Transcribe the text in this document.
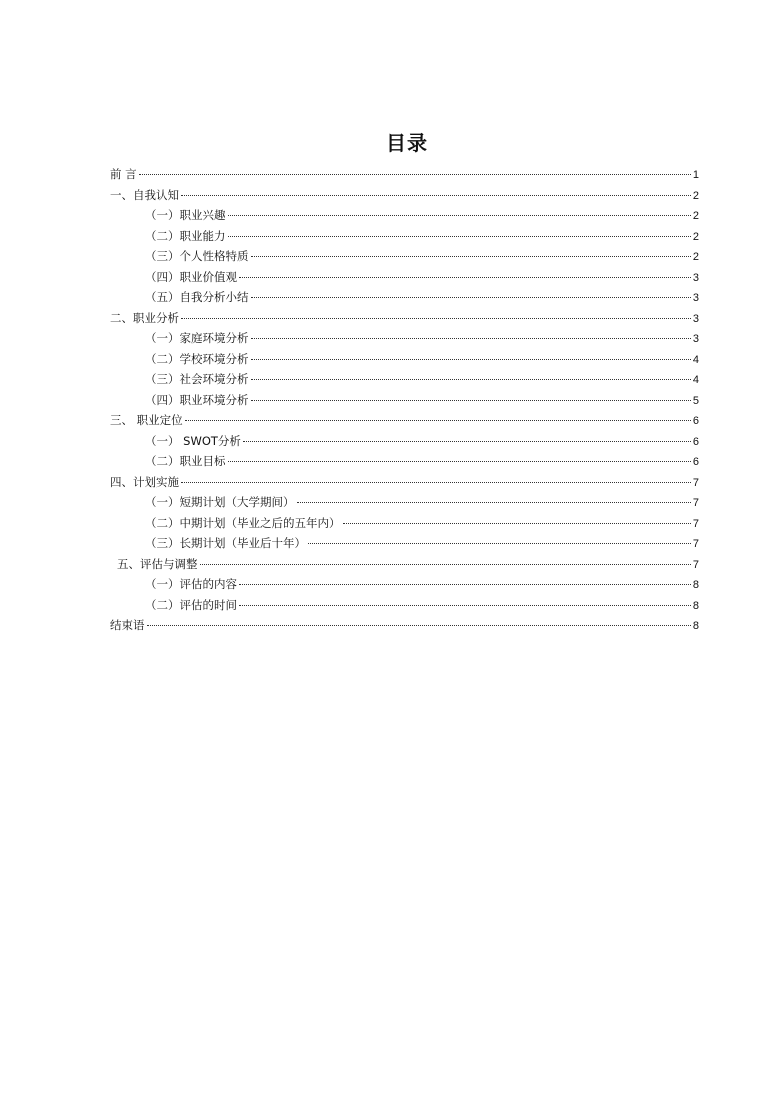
目录
前 言	1
一、自我认知	2
（一）职业兴趣	2
（二）职业能力	2
（三）个人性格特质	2
（四）职业价值观	3
（五）自我分析小结	3
二、职业分析	3
（一）家庭环境分析	3
（二）学校环境分析	4
（三）社会环境分析	4
（四）职业环境分析	5
三、 职业定位	6
（一） SWOT分析	6
（二）职业目标	6
四、计划实施	7
（一）短期计划（大学期间）	7
（二）中期计划（毕业之后的五年内）	7
（三）长期计划（毕业后十年）	7
五、评估与调整	7
（一）评估的内容	8
（二）评估的时间	8
结束语	8
